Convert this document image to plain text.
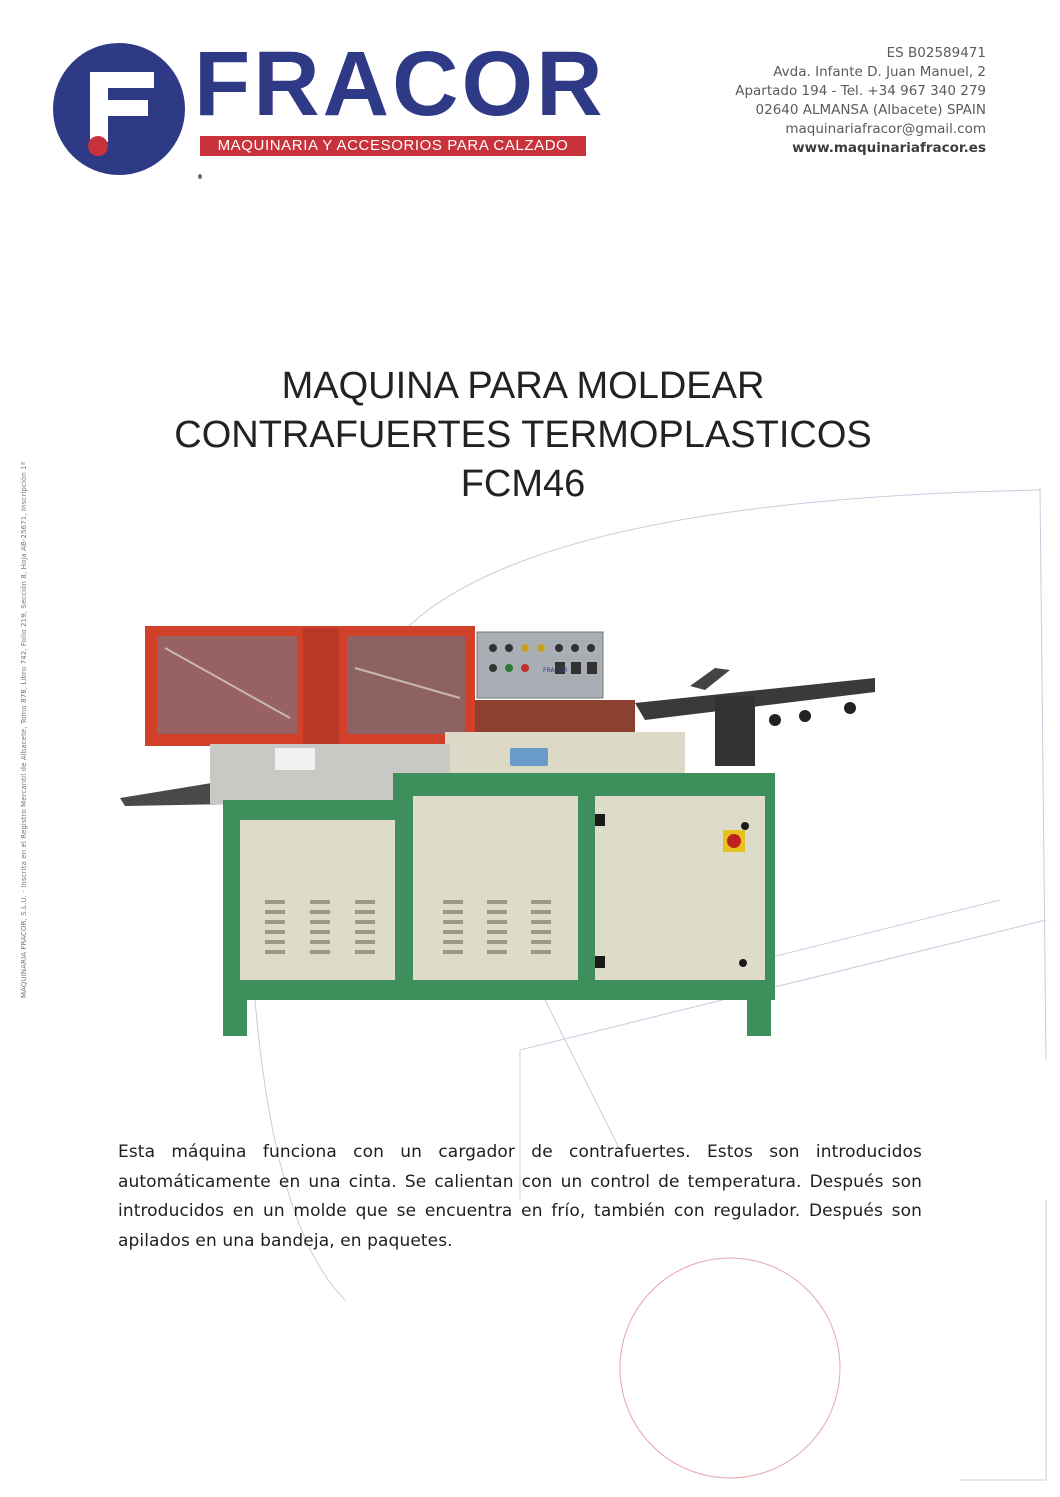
FRACOR
MAQUINARIA Y ACCESORIOS PARA CALZADO
ES B02589471
Avda. Infante D. Juan Manuel, 2
Apartado 194 - Tel. +34 967 340 279
02640 ALMANSA (Albacete) SPAIN
maquinariafracor@gmail.com
www.maquinariafracor.es
MAQUINARIA FRACOR, S.L.U. - Inscrita en el Registro Mercantil de Albacete, Tomo 878, Libro 742, Folio 219, Sección 8, Hoja AB-25671, Inscripción 1ª
MAQUINA PARA MOLDEAR
CONTRAFUERTES TERMOPLASTICOS
FCM46
FRACOR
Esta máquina funciona con un cargador de contrafuertes. Estos son introducidos automáticamente en una cinta. Se calientan con un control de temperatura. Después son introducidos en un molde que se encuentra en frío, también con regulador. Después son apilados en una bandeja, en paquetes.
